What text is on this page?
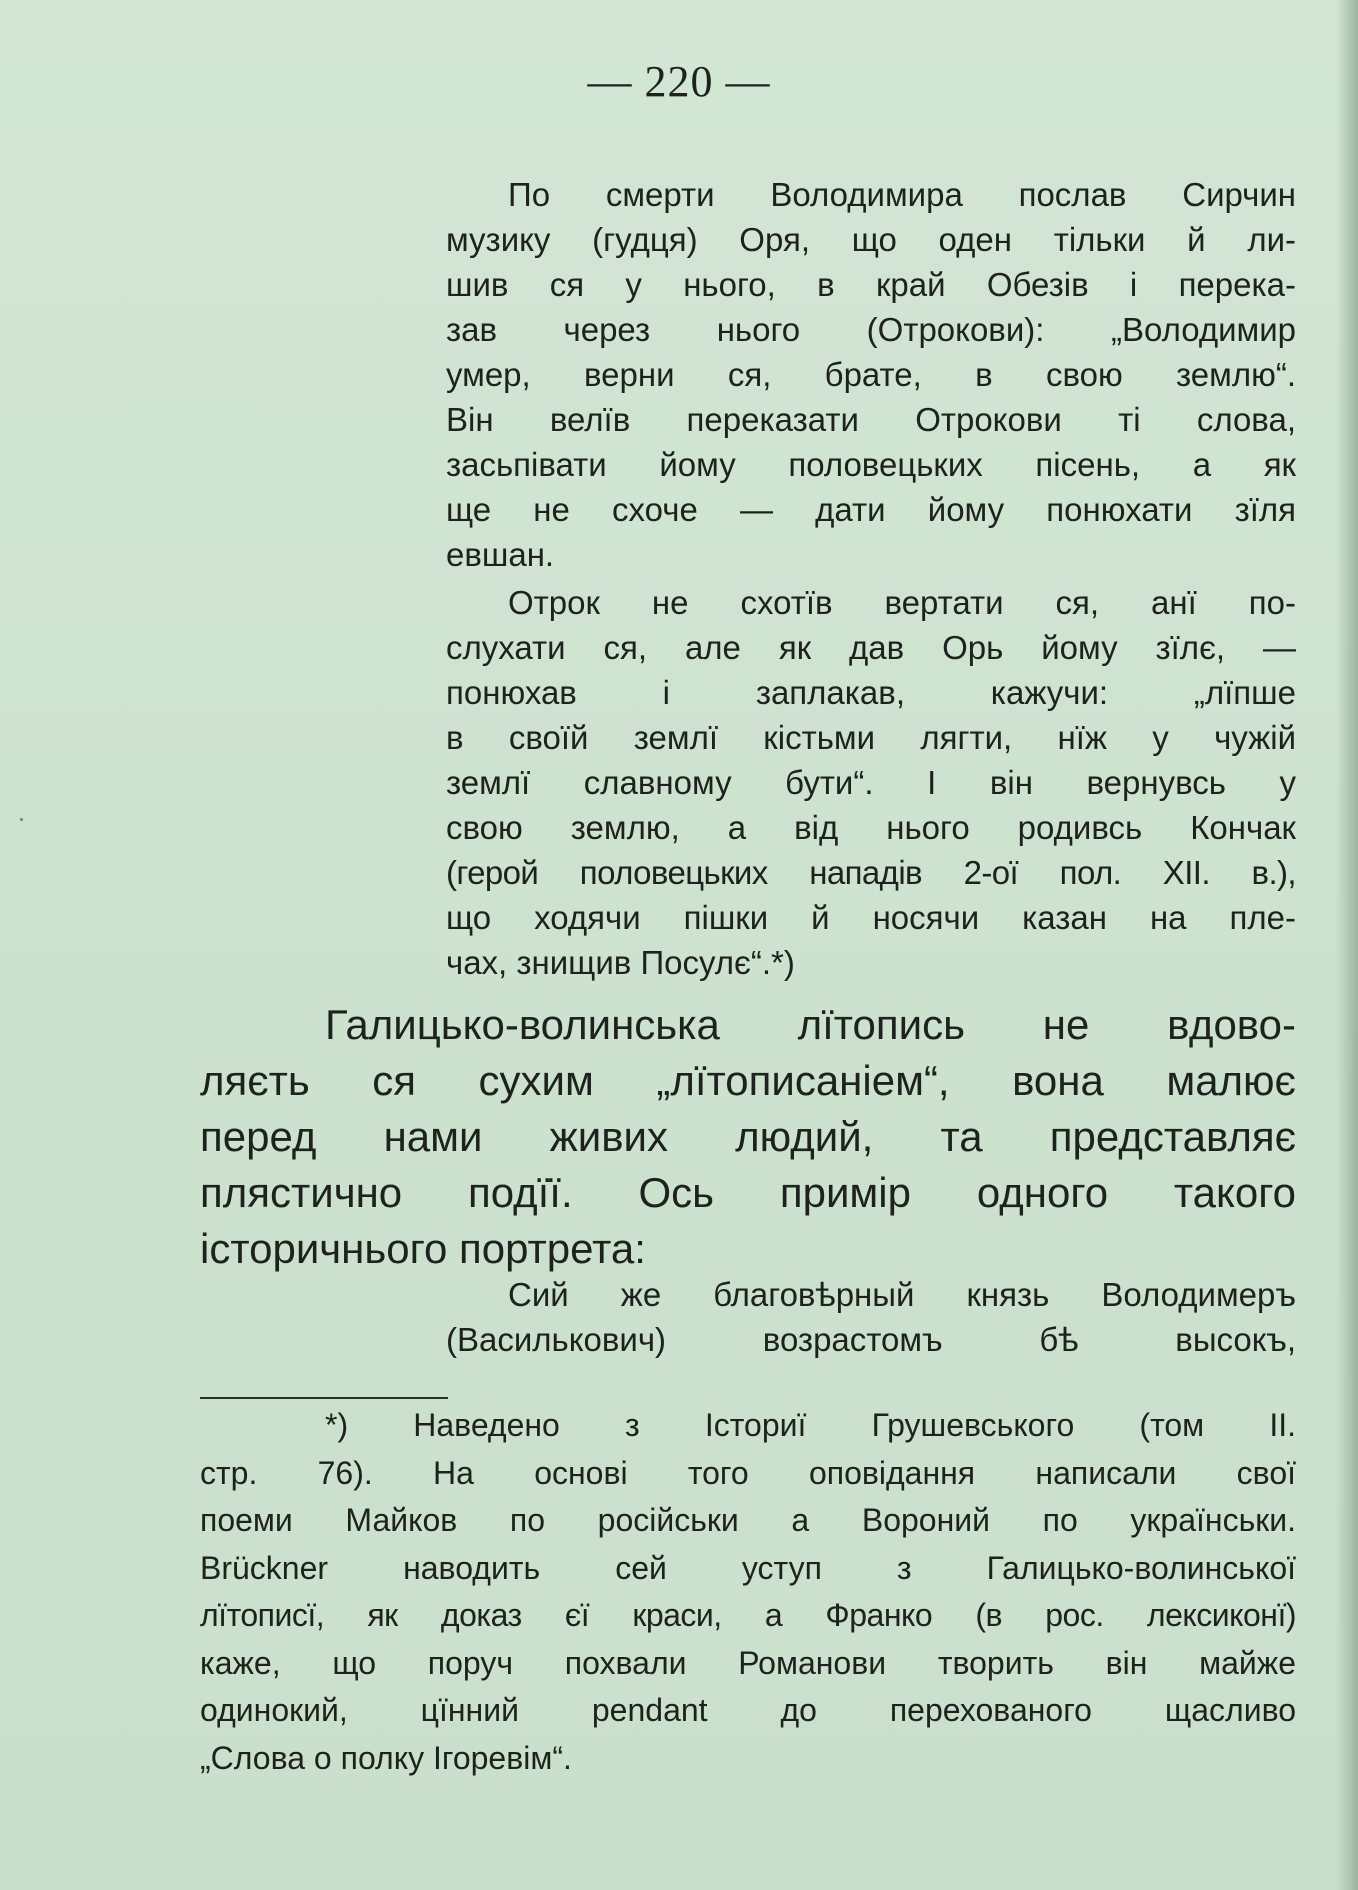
— 220 —
По смерти Володимира послав Сирчин
музику (гудця) Оря, що оден тільки й ли-
шив ся у нього, в край Обезів і перека-
зав через нього (Отрокови): „Володимир
умер, верни ся, брате, в свою землю“.
Він велїв переказати Отрокови ті слова,
засьпівати йому половецьких пісень, а як
ще не схоче — дати йому понюхати зїля
евшан.
Отрок не схотїв вертати ся, анї по-
слухати ся, але як дав Орь йому зїлє, —
понюхав і заплакав, кажучи: „лїпше
в своїй землї кістьми лягти, нїж у чужій
землї славному бути“. І він вернувсь у
свою землю, а від нього родивсь Кончак
(герой половецьких нападів 2-ої пол. XII. в.),
що ходячи пішки й носячи казан на пле-
чах, знищив Посулє“.*)
Галицько-волинська лїтопись не вдово-
ляєть ся сухим „лїтописаніем“, вона малює
перед нами живих людий, та представляє
плястично подїї. Ось примір одного такого
історичнього портрета:
Сий же благовѣрный князь Володимеръ
(Василькович) возрастомъ бѣ высокъ,
*) Наведено з Істориї Грушевського (том II.
стр. 76). На основі того оповідання написали свої
поеми Майков по російськи а Вороний по українськи.
Brückner наводить сей уступ з Галицько-волинської
лїтописї, як доказ єї краси, а Франко (в рос. лексиконї)
каже, що поруч похвали Романови творить він майже
одинокий, цїнний pendant до перехованого щасливо
„Слова о полку Ігоревім“.
